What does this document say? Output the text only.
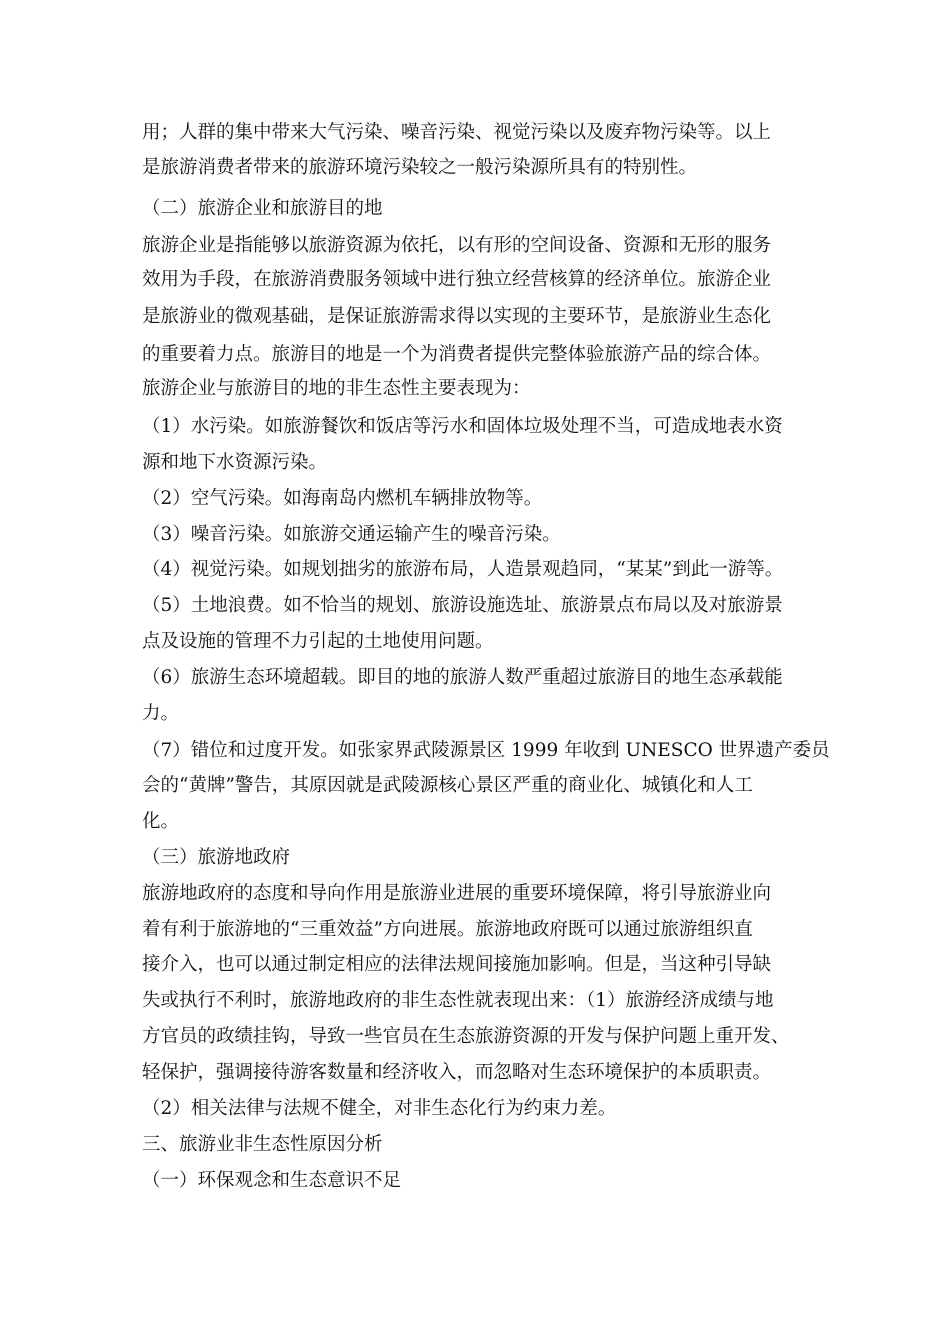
用；人群的集中带来大气污染、噪音污染、视觉污染以及废弃物污染等。以上
是旅游消费者带来的旅游环境污染较之一般污染源所具有的特别性。
（二）旅游企业和旅游目的地
旅游企业是指能够以旅游资源为依托，以有形的空间设备、资源和无形的服务
效用为手段，在旅游消费服务领域中进行独立经营核算的经济单位。旅游企业
是旅游业的微观基础，是保证旅游需求得以实现的主要环节，是旅游业生态化
的重要着力点。旅游目的地是一个为消费者提供完整体验旅游产品的综合体。
旅游企业与旅游目的地的非生态性主要表现为：
（1）水污染。如旅游餐饮和饭店等污水和固体垃圾处理不当，可造成地表水资
源和地下水资源污染。
（2）空气污染。如海南岛内燃机车辆排放物等。
（3）噪音污染。如旅游交通运输产生的噪音污染。
（4）视觉污染。如规划拙劣的旅游布局，人造景观趋同，“某某”到此一游等。
（5）土地浪费。如不恰当的规划、旅游设施选址、旅游景点布局以及对旅游景
点及设施的管理不力引起的土地使用问题。
（6）旅游生态环境超载。即目的地的旅游人数严重超过旅游目的地生态承载能
力。
（7）错位和过度开发。如张家界武陵源景区 1999 年收到 UNESCO 世界遗产委员
会的“黄牌”警告，其原因就是武陵源核心景区严重的商业化、城镇化和人工
化。
（三）旅游地政府
旅游地政府的态度和导向作用是旅游业进展的重要环境保障，将引导旅游业向
着有利于旅游地的“三重效益”方向进展。旅游地政府既可以通过旅游组织直
接介入，也可以通过制定相应的法律法规间接施加影响。但是，当这种引导缺
失或执行不利时，旅游地政府的非生态性就表现出来：（1）旅游经济成绩与地
方官员的政绩挂钩，导致一些官员在生态旅游资源的开发与保护问题上重开发、
轻保护，强调接待游客数量和经济收入，而忽略对生态环境保护的本质职责。
（2）相关法律与法规不健全，对非生态化行为约束力差。
三、旅游业非生态性原因分析
（一）环保观念和生态意识不足
